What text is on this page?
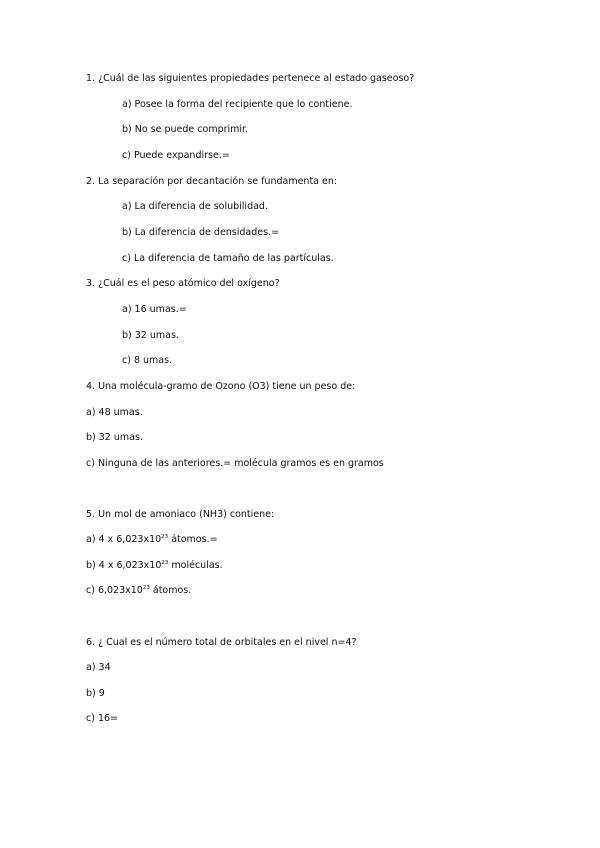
1. ¿Cuál de las siguientes propiedades pertenece al estado gaseoso?
a) Posee la forma del recipiente que lo contiene.
b) No se puede comprimir.
c) Puede expandirse.=
2. La separación por decantación se fundamenta en:
a) La diferencia de solubilidad.
b) La diferencia de densidades.=
c) La diferencia de tamaño de las partículas.
3. ¿Cuál es el peso atómico del oxígeno?
a) 16 umas.=
b) 32 umas.
c) 8 umas.
4. Una molécula-gramo de Ozono (O3) tiene un peso de:
a) 48 umas.
b) 32 umas.
c) Ninguna de las anteriores.= molécula gramos es en gramos
5. Un mol de amoniaco (NH3) contiene:
a) 4 x $6,023x10^{23}$ átomos.=
b) 4 x $6,023x10^{23}$ moléculas.
c) $6,023x10^{23}$ átomos.
6. ¿ Cual es el número total de orbitales en el nivel n=4?
a) 34
b) 9
c) 16=
